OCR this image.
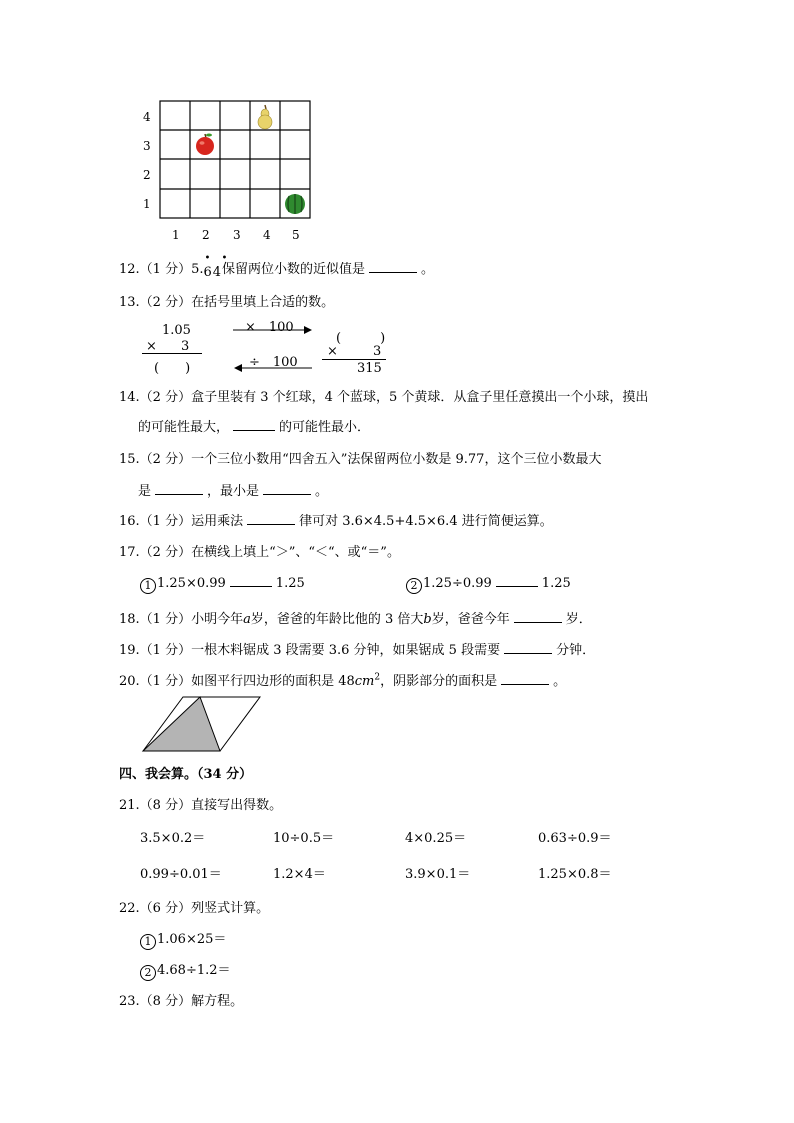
4
3
2
1
1 2 3 4 5
12.（1 分）5.
• •
64保留两位小数的近似值是	。
13.（2 分）在括号里填上合适的数。
1.05
× 3
(　　)
×　100
÷　100
(　　　)
×	3
315
14.（2 分）盒子里装有 3 个红球，4 个蓝球，5 个黄球．从盒子里任意摸出一个小球，摸出
的可能性最大，	的可能性最小．
15.（2 分）一个三位小数用“四舍五入”法保留两位小数是 9.77，这个三位小数最大
是	，最小是	。
16.（1 分）运用乘法	律可对 3.6×4.5+4.5×6.4 进行简便运算。
17.（2 分）在横线上填上“＞”、“＜“、或“＝”。
1 1.25×0.99	1.25	2 1.25÷0.99	1.25
18.（1 分）小明今年a岁，爸爸的年龄比他的 3 倍大b岁，爸爸今年	岁．
19.（1 分）一根木料锯成 3 段需要 3.6 分钟，如果锯成 5 段需要	分钟．
20.（1 分）如图平行四边形的面积是 $48cm^2$，阴影部分的面积是	。
四、我会算。（34 分）
21.（8 分）直接写出得数。
3.5×0.2＝	10÷0.5＝	4×0.25＝	0.63÷0.9＝
0.99÷0.01＝	1.2×4＝	3.9×0.1＝	1.25×0.8＝
22.（6 分）列竖式计算。
1 1.06×25＝
2 4.68÷1.2＝
23.（8 分）解方程。
